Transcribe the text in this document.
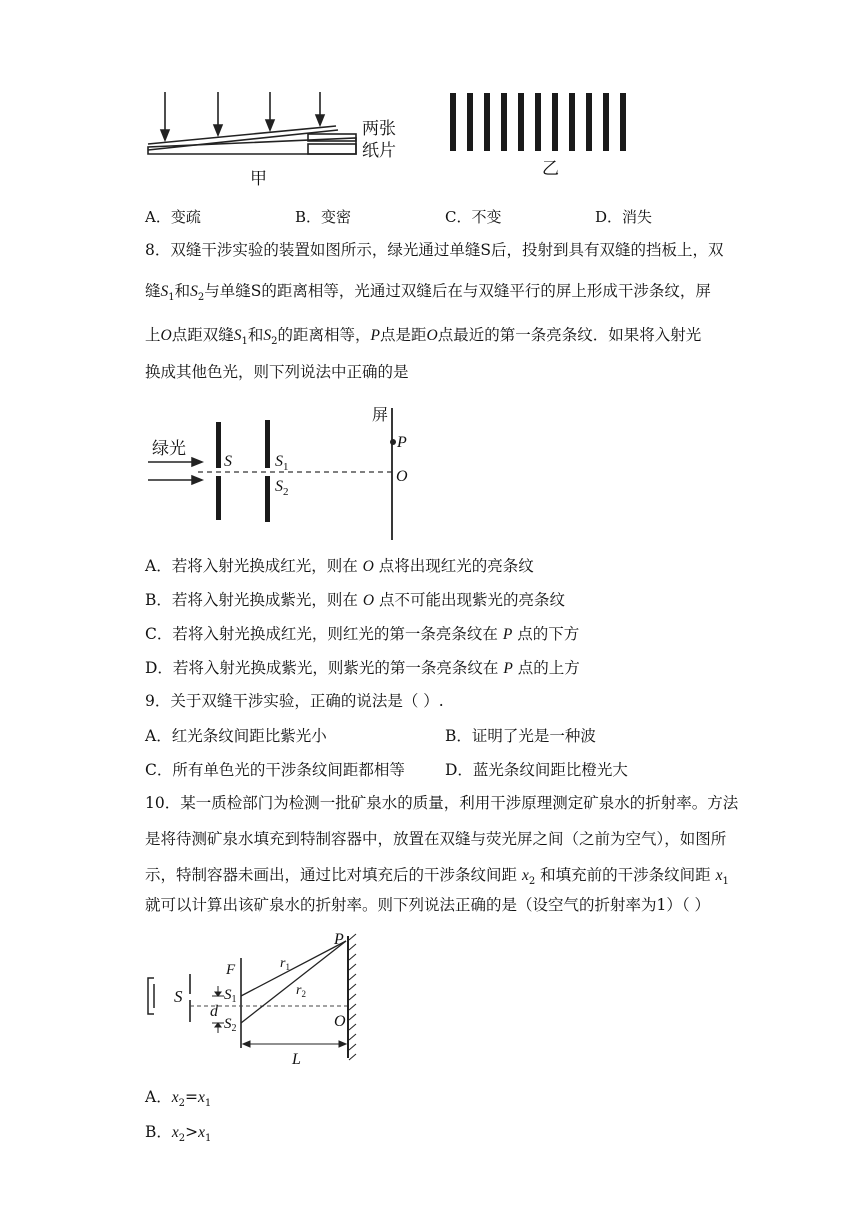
两张
纸片
甲
乙
A．变疏	B．变密	C．不变	D．消失
8．双缝干涉实验的装置如图所示，绿光通过单缝S后，投射到具有双缝的挡板上，双
缝$S_1$和$S_2$与单缝S的距离相等，光通过双缝后在与双缝平行的屏上形成干涉条纹，屏
上O点距双缝$S_1$和$S_2$的距离相等，P点是距O点最近的第一条亮条纹．如果将入射光
换成其他色光，则下列说法中正确的是
绿光
屏
S	$S_1$
$S_2$
P
O
A．若将入射光换成红光，则在 O 点将出现红光的亮条纹
B．若将入射光换成紫光，则在 O 点不可能出现紫光的亮条纹
C．若将入射光换成红光，则红光的第一条亮条纹在 P 点的下方
D．若将入射光换成紫光，则紫光的第一条亮条纹在 P 点的上方
9．关于双缝干涉实验，正确的说法是（ ）.
A．红光条纹间距比紫光小	B．证明了光是一种波
C．所有单色光的干涉条纹间距都相等	D．蓝光条纹间距比橙光大
10．某一质检部门为检测一批矿泉水的质量，利用干涉原理测定矿泉水的折射率。方法
是将待测矿泉水填充到特制容器中，放置在双缝与荧光屏之间（之前为空气），如图所
示，特制容器未画出，通过比对填充后的干涉条纹间距 $x_2$ 和填充前的干涉条纹间距 $x_1$
就可以计算出该矿泉水的折射率。则下列说法正确的是（设空气的折射率为1）（ ）
S
d
F
$S_1$
$S_2$
P
O
$r_1$
$r_2$
L
A．$x_2=x_1$
B．$x_2>x_1$
